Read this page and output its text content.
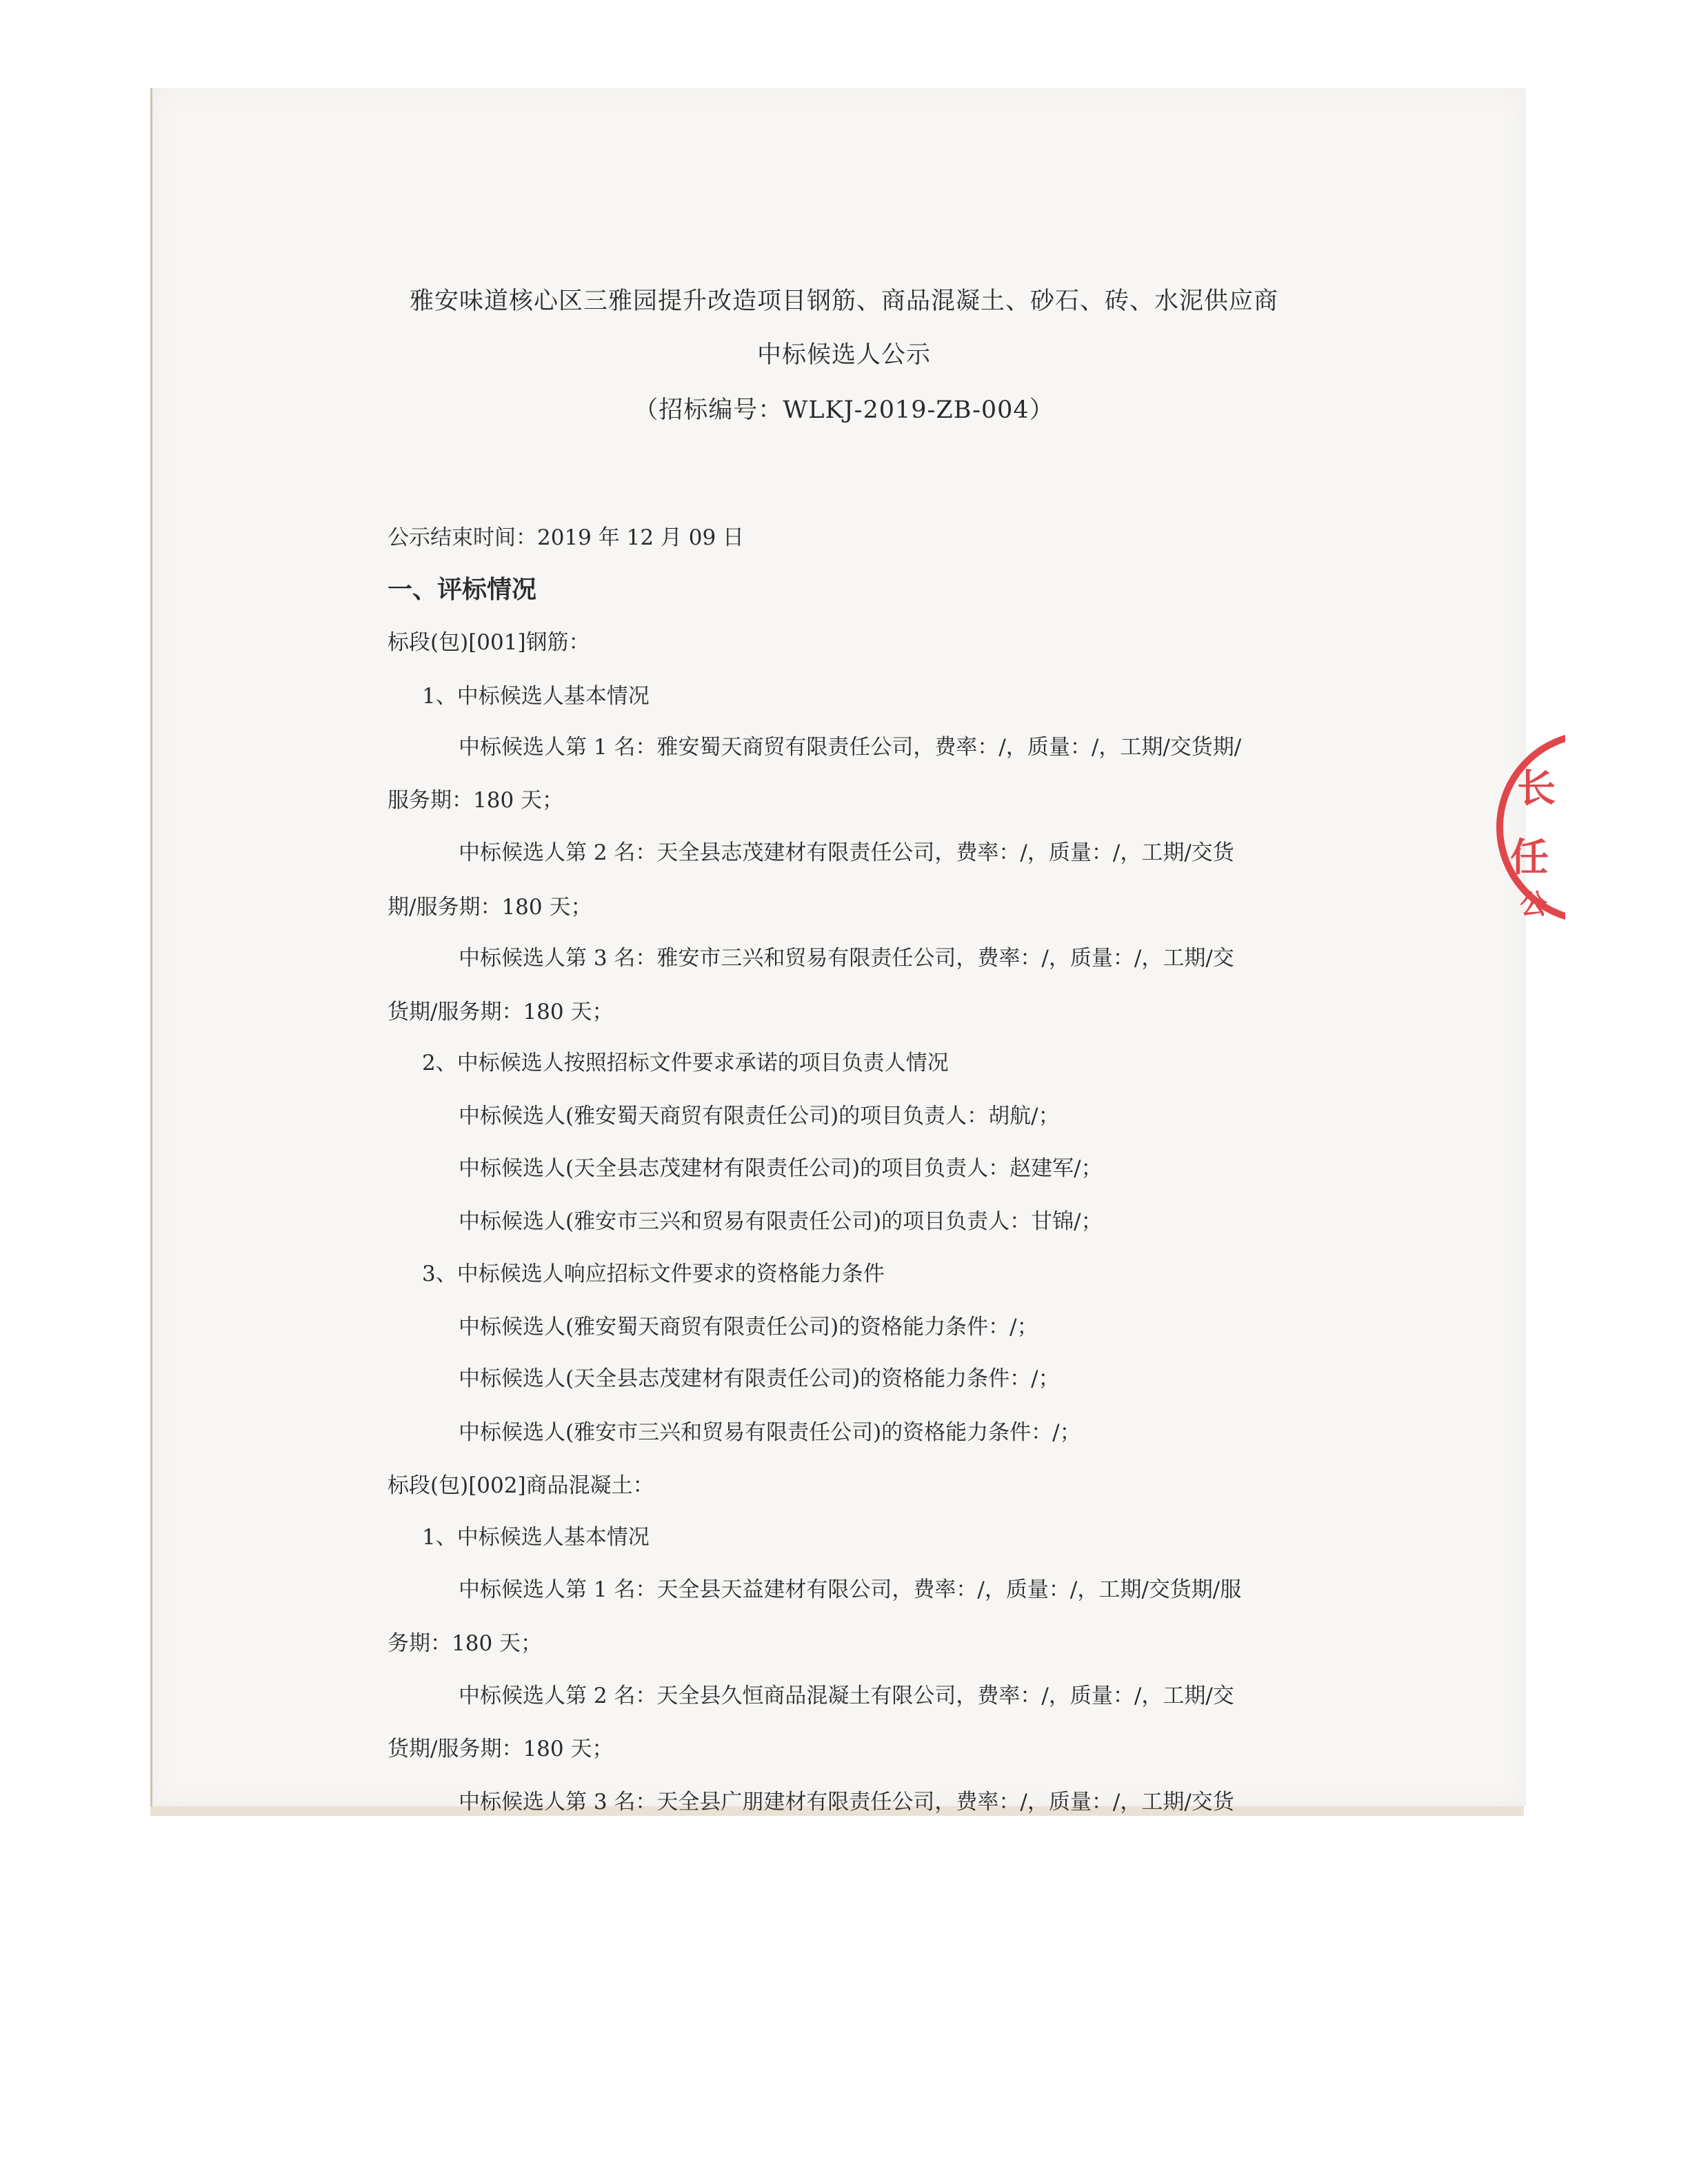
长
任
公

雅安味道核心区三雅园提升改造项目钢筋、商品混凝土、砂石、砖、水泥供应商

中标候选人公示

（招标编号：WLKJ-2019-ZB-004）

公示结束时间：2019 年 12 月 09 日

一、评标情况

标段(包)[001]钢筋：

1、中标候选人基本情况

中标候选人第 1 名：雅安蜀天商贸有限责任公司，费率：/，质量：/，工期/交货期/

服务期：180 天；

中标候选人第 2 名：天全县志茂建材有限责任公司，费率：/，质量：/，工期/交货

期/服务期：180 天；

中标候选人第 3 名：雅安市三兴和贸易有限责任公司，费率：/，质量：/，工期/交

货期/服务期：180 天；

2、中标候选人按照招标文件要求承诺的项目负责人情况

中标候选人(雅安蜀天商贸有限责任公司)的项目负责人：胡航/；

中标候选人(天全县志茂建材有限责任公司)的项目负责人：赵建军/；

中标候选人(雅安市三兴和贸易有限责任公司)的项目负责人：甘锦/；

3、中标候选人响应招标文件要求的资格能力条件

中标候选人(雅安蜀天商贸有限责任公司)的资格能力条件：/；

中标候选人(天全县志茂建材有限责任公司)的资格能力条件：/；

中标候选人(雅安市三兴和贸易有限责任公司)的资格能力条件：/；

标段(包)[002]商品混凝土：

1、中标候选人基本情况

中标候选人第 1 名：天全县天益建材有限公司，费率：/，质量：/，工期/交货期/服

务期：180 天；

中标候选人第 2 名：天全县久恒商品混凝土有限公司，费率：/，质量：/，工期/交

货期/服务期：180 天；

中标候选人第 3 名：天全县广朋建材有限责任公司，费率：/，质量：/，工期/交货
